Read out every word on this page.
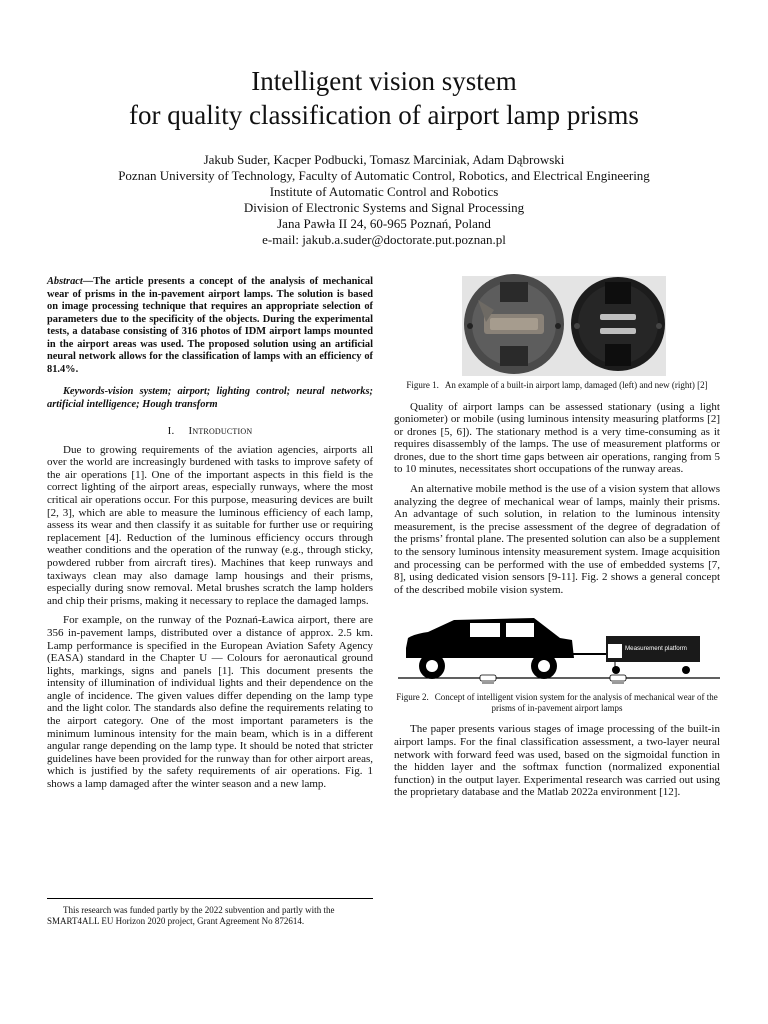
Intelligent vision system
for quality classification of airport lamp prisms
Jakub Suder, Kacper Podbucki, Tomasz Marciniak, Adam Dąbrowski
Poznan University of Technology, Faculty of Automatic Control, Robotics, and Electrical Engineering
Institute of Automatic Control and Robotics
Division of Electronic Systems and Signal Processing
Jana Pawła II 24, 60-965 Poznań, Poland
e-mail: jakub.a.suder@doctorate.put.poznan.pl
Abstract—The article presents a concept of the analysis of mechanical wear of prisms in the in-pavement airport lamps. The solution is based on image processing technique that requires an appropriate selection of parameters due to the specificity of the objects. During the experimental tests, a database consisting of 316 photos of IDM airport lamps mounted in the airport areas was used. The proposed solution using an artificial neural network allows for the classification of lamps with an efficiency of 81.4%.
Keywords-vision system; airport; lighting control; neural networks; artificial intelligence; Hough transform
I. Introduction

Due to growing requirements of the aviation agencies, airports all over the world are increasingly burdened with tasks to improve safety of the air operations [1]. One of the important aspects in this field is the correct lighting of the airport areas, especially runways, where the most critical air operations occur. For this purpose, measuring devices are built [2, 3], which are able to measure the luminous efficiency of each lamp, assess its wear and then classify it as suitable for further use or requiring replacement [4]. Reduction of the luminous efficiency occurs through weather conditions and the operation of the runway (e.g., through sticky, powdered rubber from aircraft tires). Machines that keep runways and taxiways clean may also damage lamp housings and their prisms, especially during snow removal. Metal brushes scratch the lamp holders and chip their prisms, making it necessary to replace the damaged lamps.

For example, on the runway of the Poznań-Ławica airport, there are 356 in-pavement lamps, distributed over a distance of approx. 2.5 km. Lamp performance is specified in the European Aviation Safety Agency (EASA) standard in the Chapter U — Colours for aeronautical ground lights, markings, signs and panels [1]. This document presents the intensity of illumination of individual lights and their dependence on the angle of incidence. The given values differ depending on the lamp type and the light color. The standards also define the requirements relating to the airport category. One of the most important parameters is the minimum luminous intensity for the main beam, which is in a different angular range depending on the lamp type. It should be noted that stricter guidelines have been provided for the runway than for other airport areas, which is justified by the safety requirements of air operations. Fig. 1 shows a lamp damaged after the winter season and a new lamp.

This research was funded partly by the 2022 subvention and partly with the SMART4ALL EU Horizon 2020 project, Grant Agreement No 872614.
Figure 1. An example of a built-in airport lamp, damaged (left) and new (right) [2]

Quality of airport lamps can be assessed stationary (using a light goniometer) or mobile (using luminous intensity measuring platforms [2] or drones [5, 6]). The stationary method is a very time-consuming as it requires disassembly of the lamps. The use of measurement platforms or drones, due to the short time gaps between air operations, ranging from 5 to 10 minutes, necessitates short occupations of the runway areas.

An alternative mobile method is the use of a vision system that allows analyzing the degree of mechanical wear of lamps, mainly their prisms. An advantage of such solution, in relation to the luminous intensity measurement, is the precise assessment of the degree of degradation of the prisms’ frontal plane. The presented solution can also be a supplement to the sensory luminous intensity measurement system. Image acquisition and processing can be performed with the use of embedded systems [7, 8], using dedicated vision sensors [9-11]. Fig. 2 shows a general concept of the described mobile vision system.

Measurement platform
Figure 2. Concept of intelligent vision system for the analysis of mechanical wear of the prisms of in-pavement airport lamps

The paper presents various stages of image processing of the built-in airport lamps. For the final classification assessment, a two-layer neural network with forward feed was used, based on the sigmoidal function in the hidden layer and the softmax function (normalized exponential function) in the output layer. Experimental research was carried out using the proprietary database and the Matlab 2022a environment [12].
